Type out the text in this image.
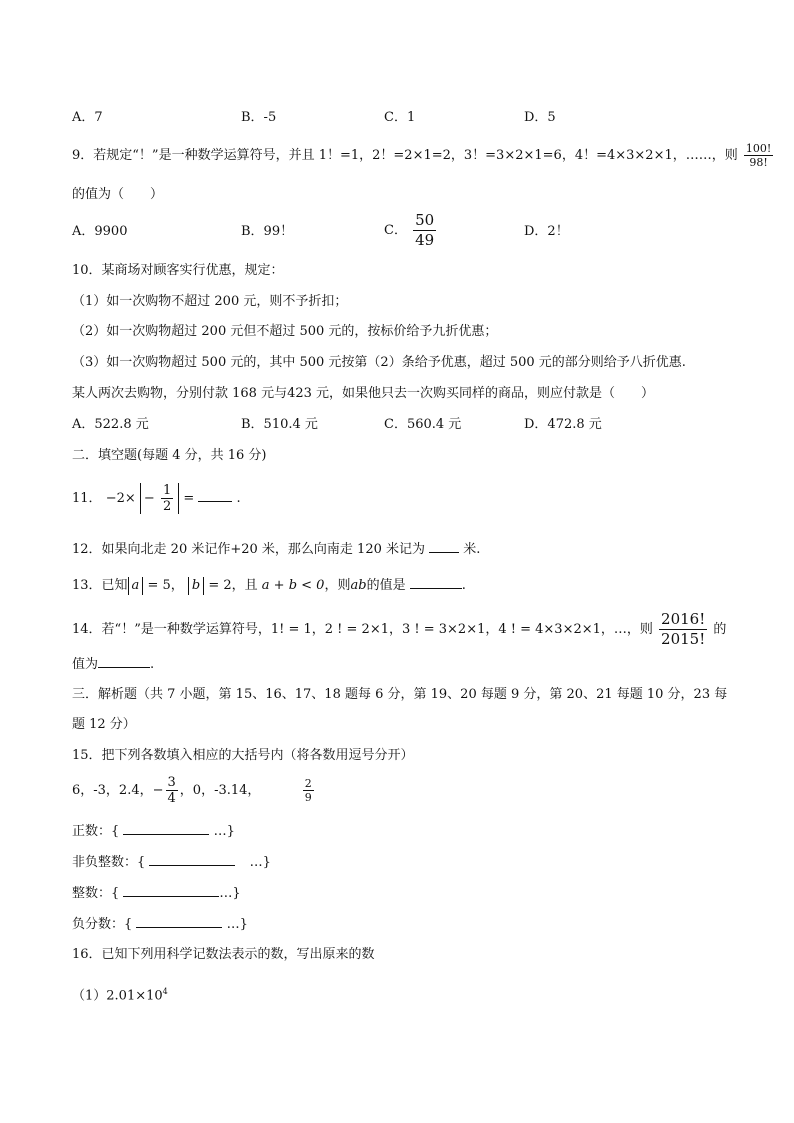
A．7	B．-5	C．1	D．5
9．若规定“！”是一种数学运算符号，并且 1！=1，2！=2×1=2，3！=3×2×1=6，4！=4×3×2×1，……，则 $\frac{100!}{98!}$
的值为（　　）
A．9900	B．99！	C． $\frac{50}{49}$	D．2！
10．某商场对顾客实行优惠，规定：
（1）如一次购物不超过 200 元，则不予折扣；
（2）如一次购物超过 200 元但不超过 500 元的，按标价给予九折优惠；
（3）如一次购物超过 500 元的，其中 500 元按第（2）条给予优惠，超过 500 元的部分则给予八折优惠.
某人两次去购物，分别付款 168 元与423 元，如果他只去一次购买同样的商品，则应付款是（　　）
A．522.8 元	B．510.4 元	C．560.4 元	D．472.8 元
二．填空题(每题 4 分，共 16 分)
11． $-2\times - \frac{1}{2}$ =	.
12．如果向北走 20 米记作+20 米，那么向南走 120 米记为	米.
13．已知 a = 5， b = 2，且 a + b < 0，则ab的值是	.
14．若“！”是一种数学运算符号，1! = 1，2 ! = 2×1，3 ! = 3×2×1，4 ! = 4×3×2×1，…，则 $\frac{2016!}{2015!}$ 的
值为	.
三．解析题（共 7 小题，第 15、16、17、18 题每 6 分，第 19、20 每题 9 分，第 20、21 每题 10 分，23 每
题 12 分）
15．把下列各数填入相应的大括号内（将各数用逗号分开）
6，-3，2.4，− $\frac{3}{4}$ ，0，-3.14，	$\frac{2}{9}$
正数：{	…}
非负整数：{	…}
整数：{	…}
负分数：{	…}
16．已知下列用科学记数法表示的数，写出原来的数
$(1)2.01\times 10^4$
